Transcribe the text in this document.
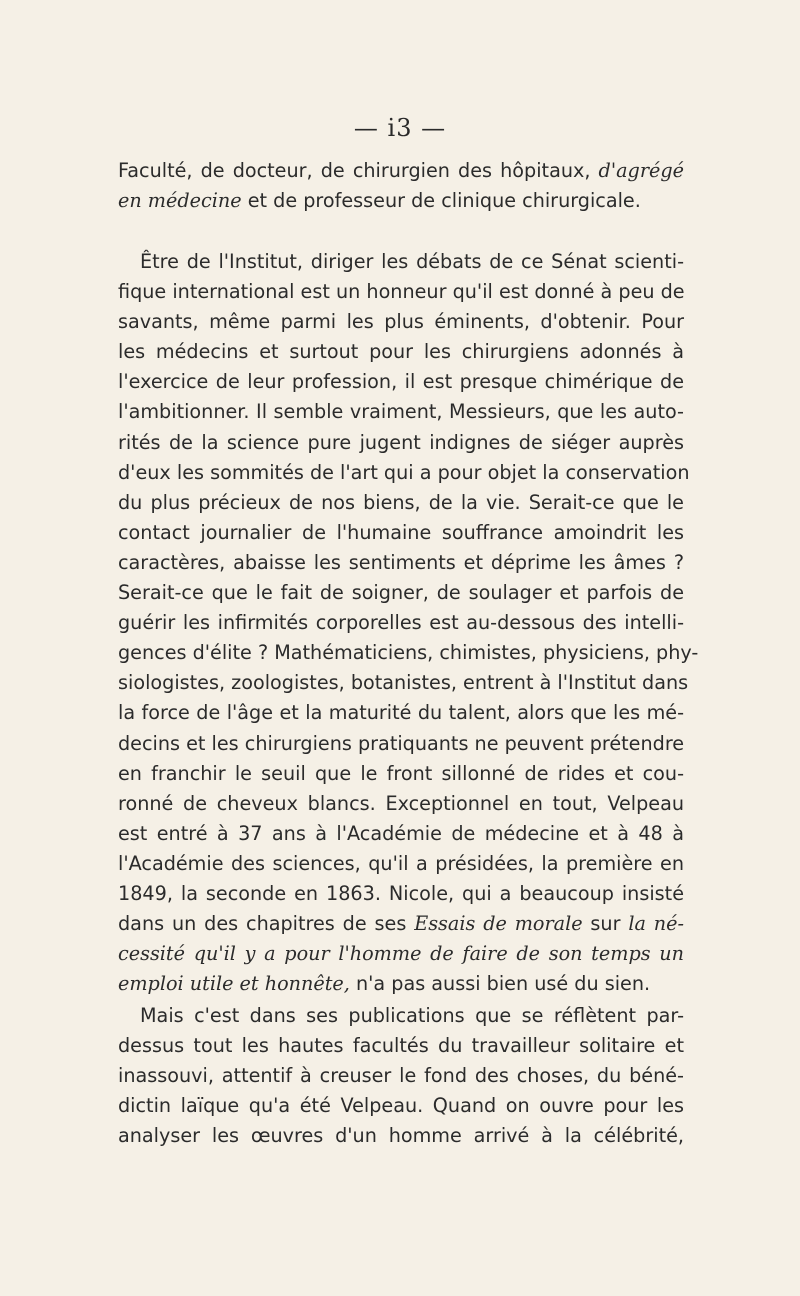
— i3 —
Faculté, de docteur, de chirurgien des hôpitaux, d'agrégé
en médecine et de professeur de clinique chirurgicale.
Être de l'Institut, diriger les débats de ce Sénat scienti-
fique international est un honneur qu'il est donné à peu de
savants, même parmi les plus éminents, d'obtenir. Pour
les médecins et surtout pour les chirurgiens adonnés à
l'exercice de leur profession, il est presque chimérique de
l'ambitionner. Il semble vraiment, Messieurs, que les auto-
rités de la science pure jugent indignes de siéger auprès
d'eux les sommités de l'art qui a pour objet la conservation
du plus précieux de nos biens, de la vie. Serait-ce que le
contact journalier de l'humaine souffrance amoindrit les
caractères, abaisse les sentiments et déprime les âmes ?
Serait-ce que le fait de soigner, de soulager et parfois de
guérir les infirmités corporelles est au-dessous des intelli-
gences d'élite ? Mathématiciens, chimistes, physiciens, phy-
siologistes, zoologistes, botanistes, entrent à l'Institut dans
la force de l'âge et la maturité du talent, alors que les mé-
decins et les chirurgiens pratiquants ne peuvent prétendre
en franchir le seuil que le front sillonné de rides et cou-
ronné de cheveux blancs. Exceptionnel en tout, Velpeau
est entré à 37 ans à l'Académie de médecine et à 48 à
l'Académie des sciences, qu'il a présidées, la première en
1849, la seconde en 1863. Nicole, qui a beaucoup insisté
dans un des chapitres de ses Essais de morale sur la né-
cessité qu'il y a pour l'homme de faire de son temps un
emploi utile et honnête, n'a pas aussi bien usé du sien.
Mais c'est dans ses publications que se réflètent par-
dessus tout les hautes facultés du travailleur solitaire et
inassouvi, attentif à creuser le fond des choses, du béné-
dictin laïque qu'a été Velpeau. Quand on ouvre pour les
analyser les œuvres d'un homme arrivé à la célébrité,
